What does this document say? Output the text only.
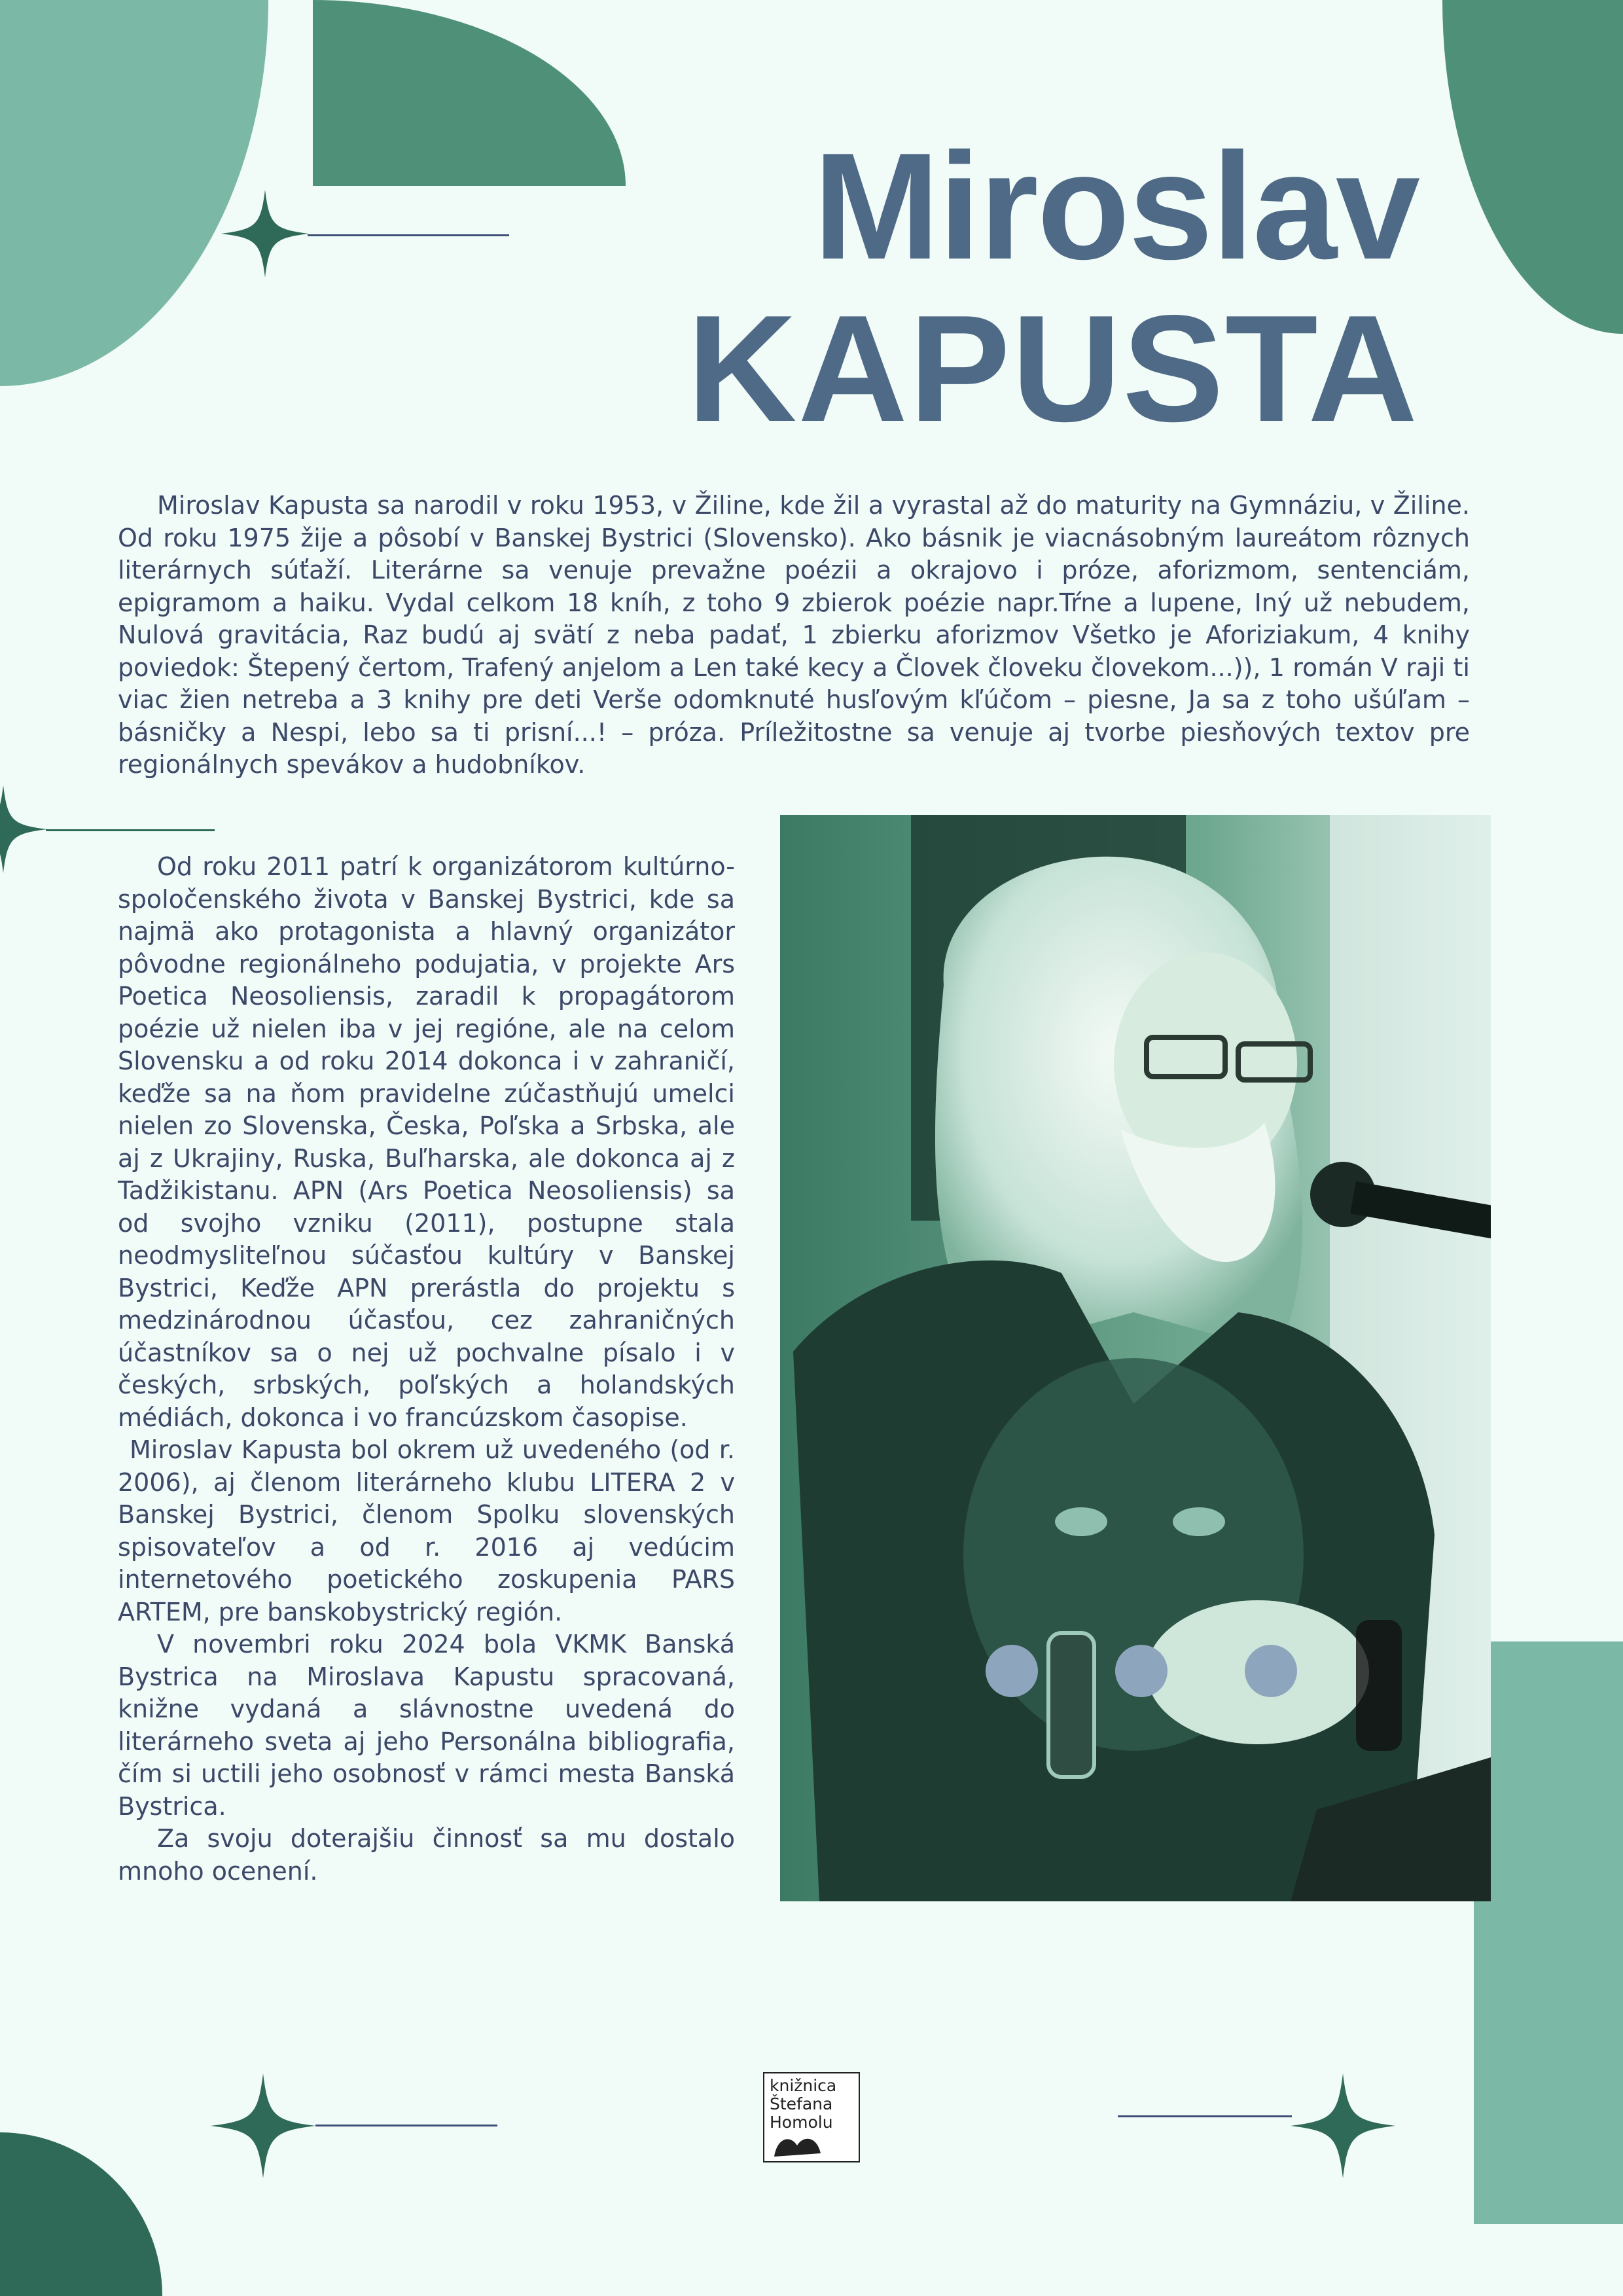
Miroslav
KAPUSTA

Miroslav Kapusta sa narodil v roku 1953, v Žiline, kde žil a vyrastal až do maturity na Gymnáziu, v Žiline. Od roku 1975 žije a pôsobí v Banskej Bystrici (Slovensko). Ako básnik je viacnásobným laureátom rôznych literárnych súťaží. Literárne sa venuje prevažne poézii a okrajovo i próze, aforizmom, sentenciám, epigramom a haiku. Vydal celkom 18 kníh, z toho 9 zbierok poézie napr.Tŕne a lupene, Iný už nebudem, Nulová gravitácia, Raz budú aj svätí z neba padať, 1 zbierku aforizmov Všetko je Aforiziakum, 4 knihy poviedok: Štepený čertom, Trafený anjelom a Len také kecy a Človek človeku človekom...)), 1 román V raji ti viac žien netreba a 3 knihy pre deti Verše odomknuté husľovým kľúčom – piesne, Ja sa z toho ušúľam – básničky a Nespi, lebo sa ti prisní...! – próza. Príležitostne sa venuje aj tvorbe piesňových textov pre regionálnych spevákov a hudobníkov.

Od roku 2011 patrí k organizátorom kultúrno-spoločenského života v Banskej Bystrici, kde sa najmä ako protagonista a hlavný organizátor pôvodne regionálneho podujatia, v projekte Ars Poetica Neosoliensis, zaradil k propagátorom poézie už nielen iba v jej regióne, ale na celom Slovensku a od roku 2014 dokonca i v zahraničí, keďže sa na ňom pravidelne zúčastňujú umelci nielen zo Slovenska, Česka, Poľska a Srbska, ale aj z Ukrajiny, Ruska, Buľharska, ale dokonca aj z Tadžikistanu. APN (Ars Poetica Neosoliensis) sa od svojho vzniku (2011), postupne stala neodmysliteľnou súčasťou kultúry v Banskej Bystrici, Keďže APN prerástla do projektu s medzinárodnou účasťou, cez zahraničných účastníkov sa o nej už pochvalne písalo i v českých, srbských, poľských a holandských médiách, dokonca i vo francúzskom časopise.

Miroslav Kapusta bol okrem už uvedeného (od r. 2006), aj členom literárneho klubu LITERA 2 v Banskej Bystrici, členom Spolku slovenských spisovateľov a od r. 2016 aj vedúcim internetového poetického zoskupenia PARS ARTEM, pre banskobystrický región.

V novembri roku 2024 bola VKMK Banská Bystrica na Miroslava Kapustu spracovaná, knižne vydaná a slávnostne uvedená do literárneho sveta aj jeho Personálna bibliografia, čím si uctili jeho osobnosť v rámci mesta Banská Bystrica.

Za svoju doterajšiu činnosť sa mu dostalo mnoho ocenení.

knižnica
Štefana
Homolu
